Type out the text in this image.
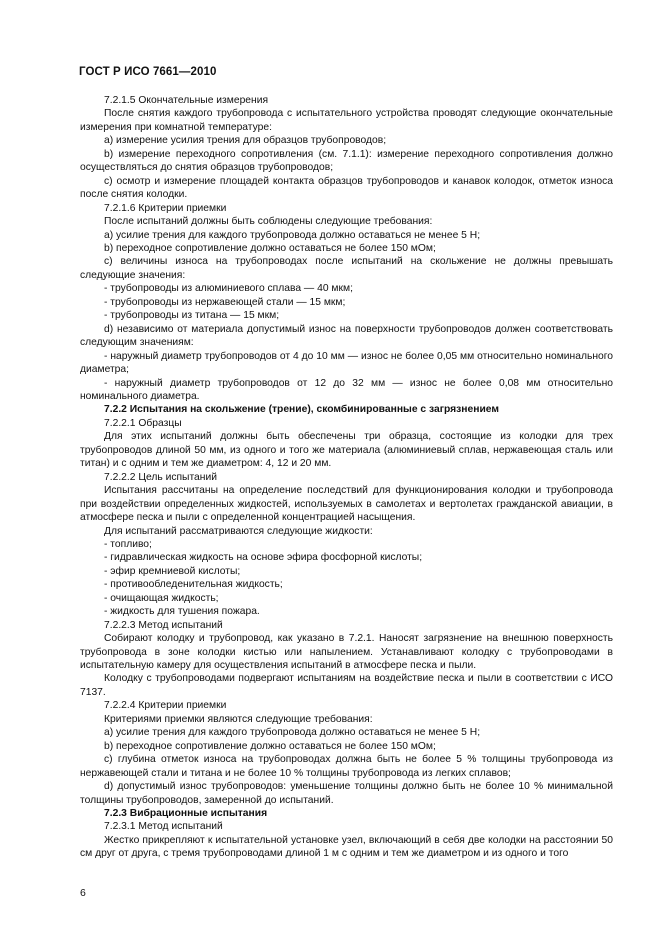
ГОСТ Р ИСО 7661—2010

7.2.1.5 Окончательные измерения

После снятия каждого трубопровода с испытательного устройства проводят следующие окончательные измерения при комнатной температуре:

а) измерение усилия трения для образцов трубопроводов;

b) измерение переходного сопротивления (см. 7.1.1): измерение переходного сопротивления должно осуществляться до снятия образцов трубопроводов;

с) осмотр и измерение площадей контакта образцов трубопроводов и канавок колодок, отметок износа после снятия колодки.

7.2.1.6 Критерии приемки

После испытаний должны быть соблюдены следующие требования:

а) усилие трения для каждого трубопровода должно оставаться не менее 5 Н;

b) переходное сопротивление должно оставаться не более 150 мОм;

с) величины износа на трубопроводах после испытаний на скольжение не должны превышать следующие значения:

- трубопроводы из алюминиевого сплава — 40 мкм;

- трубопроводы из нержавеющей стали — 15 мкм;

- трубопроводы из титана — 15 мкм;

d) независимо от материала допустимый износ на поверхности трубопроводов должен соответствовать следующим значениям:

- наружный диаметр трубопроводов от 4 до 10 мм — износ не более 0,05 мм относительно номинального диаметра;

- наружный диаметр трубопроводов от 12 до 32 мм — износ не более 0,08 мм относительно номинального диаметра.

7.2.2 Испытания на скольжение (трение), скомбинированные с загрязнением

7.2.2.1 Образцы

Для этих испытаний должны быть обеспечены три образца, состоящие из колодки для трех трубопроводов длиной 50 мм, из одного и того же материала (алюминиевый сплав, нержавеющая сталь или титан) и с одним и тем же диаметром: 4, 12 и 20 мм.

7.2.2.2 Цель испытаний

Испытания рассчитаны на определение последствий для функционирования колодки и трубопровода при воздействии определенных жидкостей, используемых в самолетах и вертолетах гражданской авиации, в атмосфере песка и пыли с определенной концентрацией насыщения.

Для испытаний рассматриваются следующие жидкости:

- топливо;

- гидравлическая жидкость на основе эфира фосфорной кислоты;

- эфир кремниевой кислоты;

- противообледенительная жидкость;

- очищающая жидкость;

- жидкость для тушения пожара.

7.2.2.3 Метод испытаний

Собирают колодку и трубопровод, как указано в 7.2.1. Наносят загрязнение на внешнюю поверхность трубопровода в зоне колодки кистью или напылением. Устанавливают колодку с трубопроводами в испытательную камеру для осуществления испытаний в атмосфере песка и пыли.

Колодку с трубопроводами подвергают испытаниям на воздействие песка и пыли в соответствии с ИСО 7137.

7.2.2.4 Критерии приемки

Критериями приемки являются следующие требования:

а) усилие трения для каждого трубопровода должно оставаться не менее 5 Н;

b) переходное сопротивление должно оставаться не более 150 мОм;

с) глубина отметок износа на трубопроводах должна быть не более 5 % толщины трубопровода из нержавеющей стали и титана и не более 10 % толщины трубопровода из легких сплавов;

d) допустимый износ трубопроводов: уменьшение толщины должно быть не более 10 % минимальной толщины трубопроводов, замеренной до испытаний.

7.2.3 Вибрационные испытания

7.2.3.1 Метод испытаний

Жестко прикрепляют к испытательной установке узел, включающий в себя две колодки на расстоянии 50 см друг от друга, с тремя трубопроводами длиной 1 м с одним и тем же диаметром и из одного и того

6
